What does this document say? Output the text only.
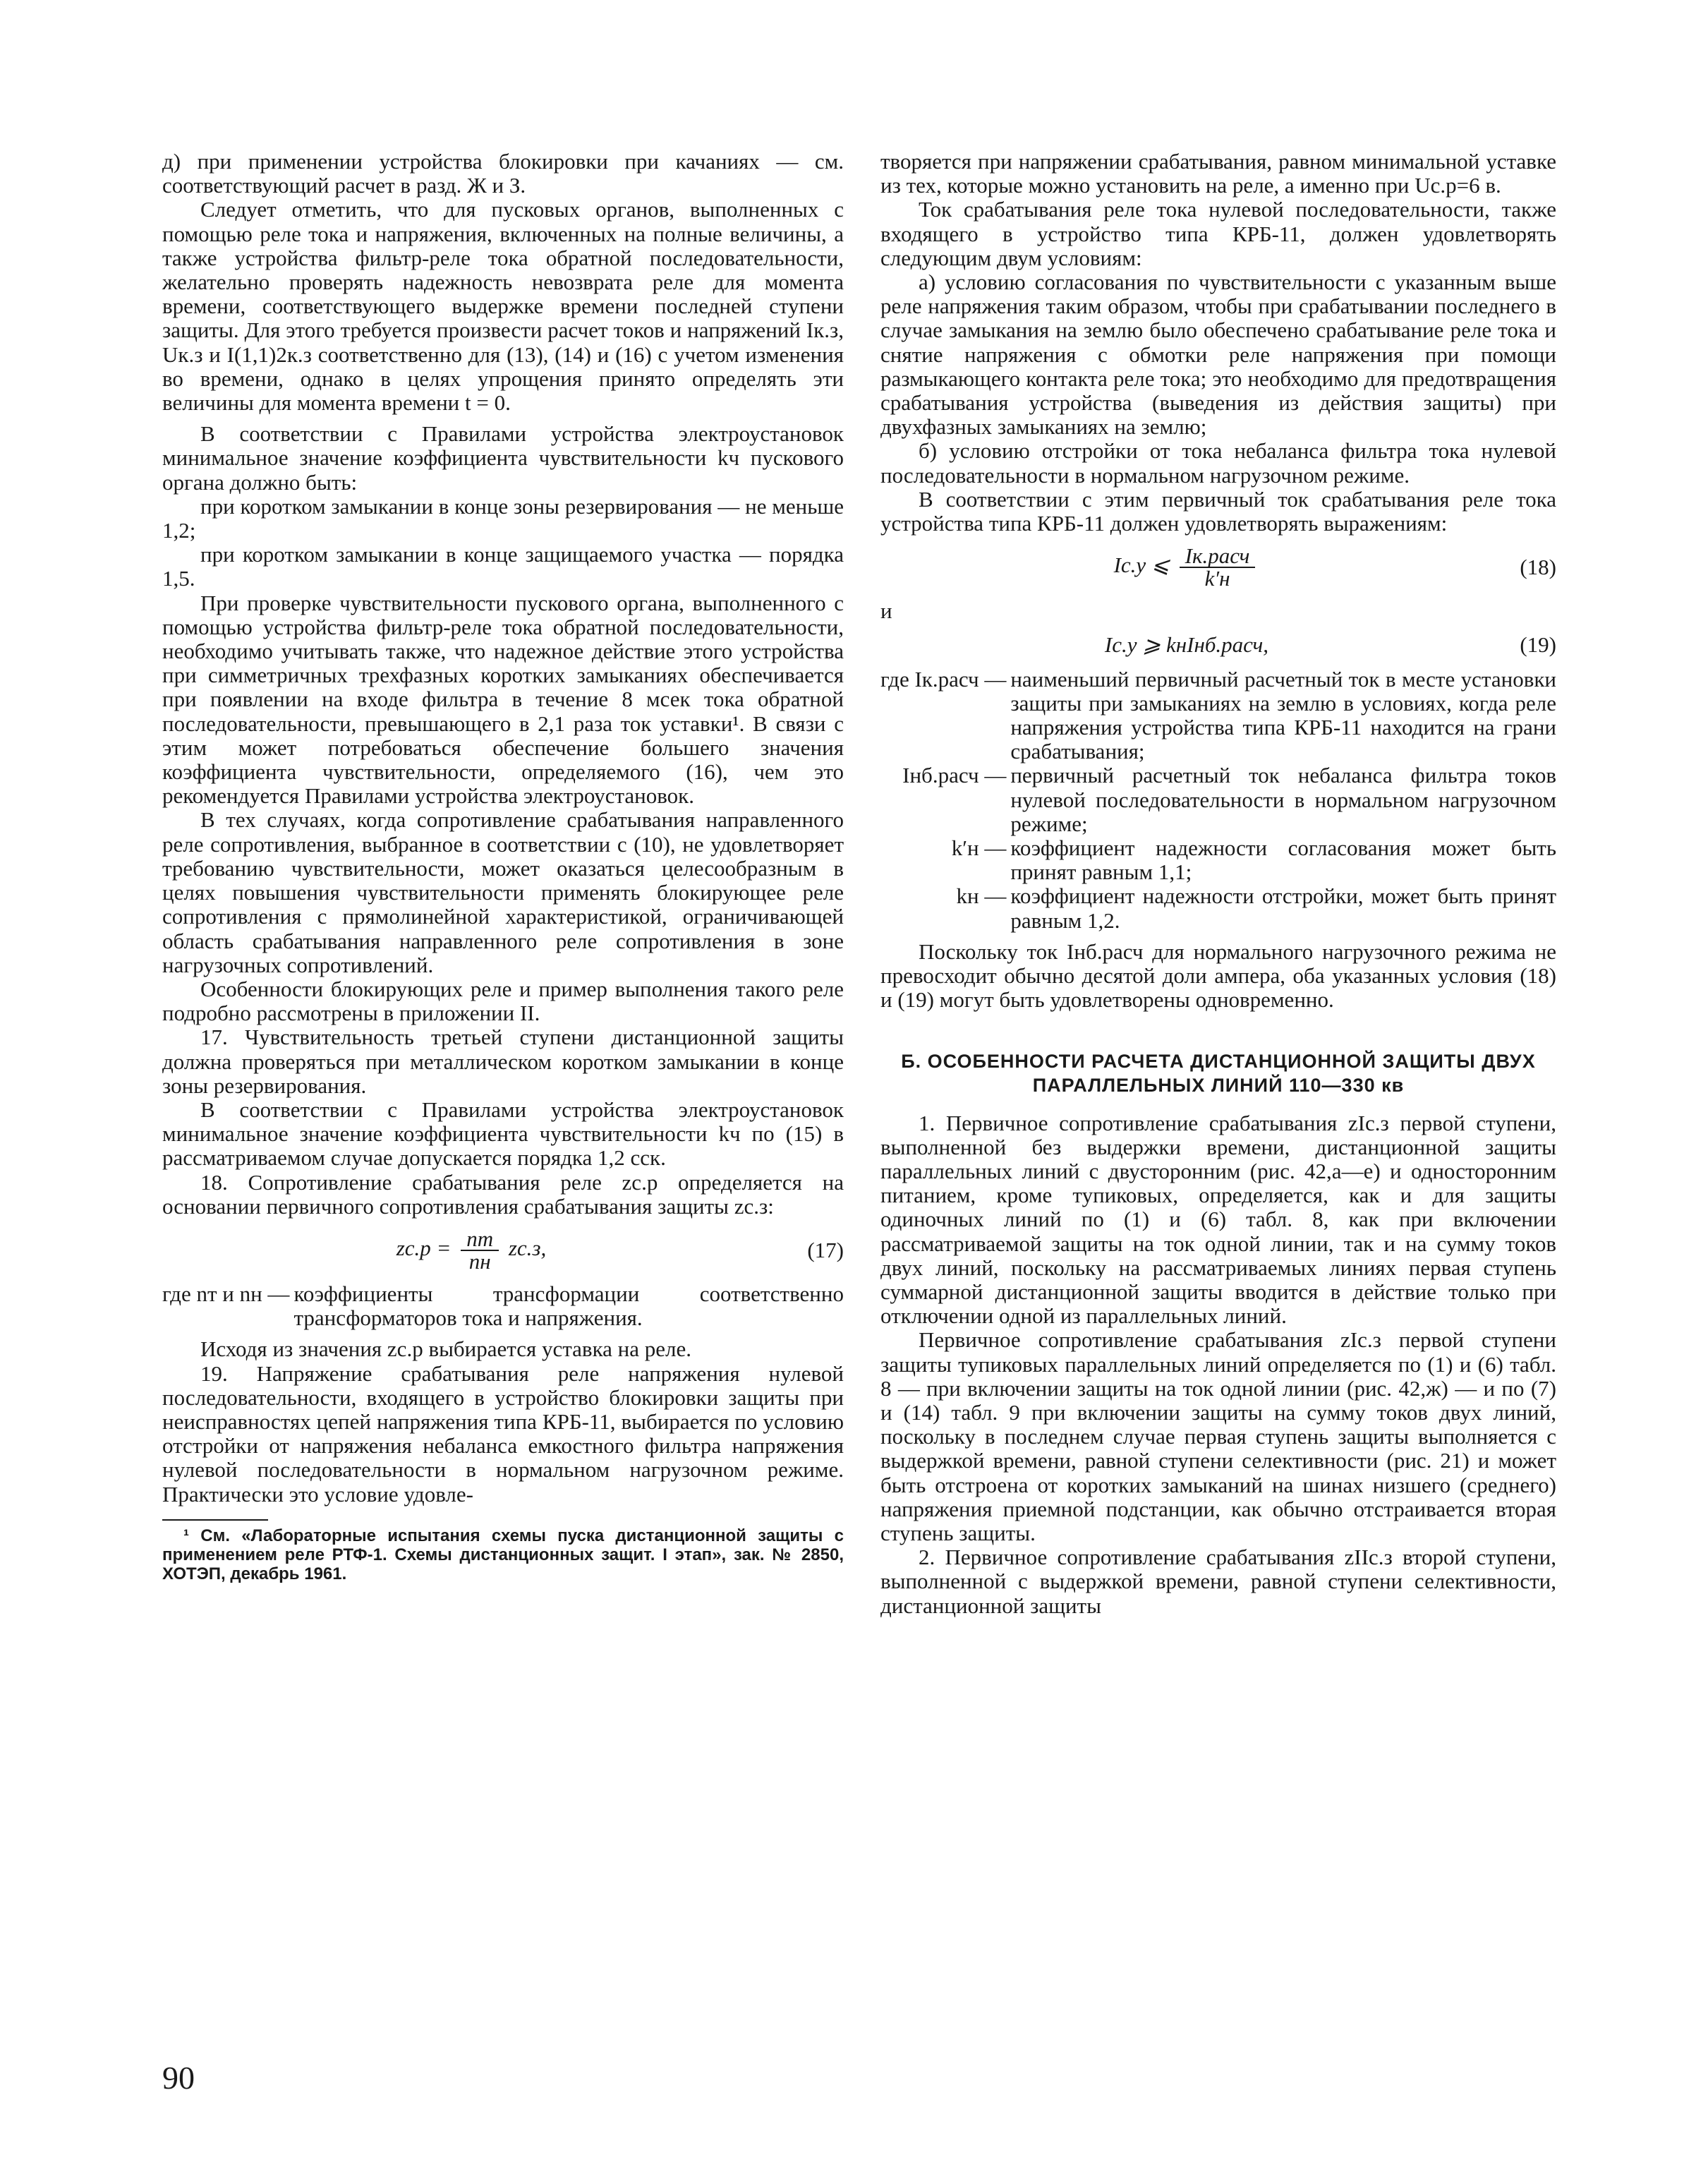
д) при применении устройства блокировки при качаниях — см. соответствующий расчет в разд. Ж и З.

Следует отметить, что для пусковых органов, выполненных с помощью реле тока и напряжения, включенных на полные величины, а также устройства фильтр-реле тока обратной последовательности, желательно проверять надежность невозврата реле для момента времени, соответствующего выдержке времени последней ступени защиты. Для этого требуется произвести расчет токов и напряжений Iк.з, Uк.з и I(1,1)2к.з соответственно для (13), (14) и (16) с учетом изменения во времени, однако в целях упрощения принято определять эти величины для момента времени t = 0.

В соответствии с Правилами устройства электроустановок минимальное значение коэффициента чувствительности kч пускового органа должно быть:

при коротком замыкании в конце зоны резервирования — не меньше 1,2;

при коротком замыкании в конце защищаемого участка — порядка 1,5.

При проверке чувствительности пускового органа, выполненного с помощью устройства фильтр-реле тока обратной последовательности, необходимо учитывать также, что надежное действие этого устройства при симметричных трехфазных коротких замыканиях обеспечивается при появлении на входе фильтра в течение 8 мсек тока обратной последовательности, превышающего в 2,1 раза ток уставки¹. В связи с этим может потребоваться обеспечение большего значения коэффициента чувствительности, определяемого (16), чем это рекомендуется Правилами устройства электроустановок.

В тех случаях, когда сопротивление срабатывания направленного реле сопротивления, выбранное в соответствии с (10), не удовлетворяет требованию чувствительности, может оказаться целесообразным в целях повышения чувствительности применять блокирующее реле сопротивления с прямолинейной характеристикой, ограничивающей область срабатывания направленного реле сопротивления в зоне нагрузочных сопротивлений.

Особенности блокирующих реле и пример выполнения такого реле подробно рассмотрены в приложении II.

17. Чувствительность третьей ступени дистанционной защиты должна проверяться при металлическом коротком замыкании в конце зоны резервирования.

В соответствии с Правилами устройства электроустановок минимальное значение коэффициента чувствительности kч по (15) в рассматриваемом случае допускается порядка 1,2 сск.

18. Сопротивление срабатывания реле zс.р определяется на основании первичного сопротивления срабатывания защиты zс.з:

$zс.р = \frac{nт}{nн} zс.з$,	(17)
где nт и nн — коэффициенты трансформации соответственно трансформаторов тока и напряжения.

Исходя из значения zс.р выбирается уставка на реле.

19. Напряжение срабатывания реле напряжения нулевой последовательности, входящего в устройство блокировки защиты при неисправностях цепей напряжения типа КРБ-11, выбирается по условию отстройки от напряжения небаланса емкостного фильтра напряжения нулевой последовательности в нормальном нагрузочном режиме. Практически это условие удовле-

¹ См. «Лабораторные испытания схемы пуска дистанционной защиты с применением реле РТФ-1. Схемы дистанционных защит. I этап», зак. № 2850, ХОТЭП, декабрь 1961.

творяется при напряжении срабатывания, равном минимальной уставке из тех, которые можно установить на реле, а именно при Uс.р=6 в.

Ток срабатывания реле тока нулевой последовательности, также входящего в устройство типа КРБ-11, должен удовлетворять следующим двум условиям:

а) условию согласования по чувствительности с указанным выше реле напряжения таким образом, чтобы при срабатывании последнего в случае замыкания на землю было обеспечено срабатывание реле тока и снятие напряжения с обмотки реле напряжения при помощи размыкающего контакта реле тока; это необходимо для предотвращения срабатывания устройства (выведения из действия защиты) при двухфазных замыканиях на землю;

б) условию отстройки от тока небаланса фильтра тока нулевой последовательности в нормальном нагрузочном режиме.

В соответствии с этим первичный ток срабатывания реле тока устройства типа КРБ-11 должен удовлетворять выражениям:

Iс.у ⩽ $\frac{\text{Iк.расч}}{k'н}$	(18)

и

Iс.у ⩾ kнIнб.расч,	(19)
где Iк.расч — наименьший первичный расчетный ток в месте установки защиты при замыканиях на землю в условиях, когда реле напряжения устройства типа КРБ-11 находится на грани срабатывания;
Iнб.расч — первичный расчетный ток небаланса фильтра токов нулевой последовательности в нормальном нагрузочном режиме;
k′н — коэффициент надежности согласования может быть принят равным 1,1;
kн — коэффициент надежности отстройки, может быть принят равным 1,2.

Поскольку ток Iнб.расч для нормального нагрузочного режима не превосходит обычно десятой доли ампера, оба указанных условия (18) и (19) могут быть удовлетворены одновременно.

Б. ОСОБЕННОСТИ РАСЧЕТА ДИСТАНЦИОННОЙ ЗАЩИТЫ ДВУХ ПАРАЛЛЕЛЬНЫХ ЛИНИЙ 110—330 кв

1. Первичное сопротивление срабатывания zIс.з первой ступени, выполненной без выдержки времени, дистанционной защиты параллельных линий с двусторонним (рис. 42,а—е) и односторонним питанием, кроме тупиковых, определяется, как и для защиты одиночных линий по (1) и (6) табл. 8, как при включении рассматриваемой защиты на ток одной линии, так и на сумму токов двух линий, поскольку на рассматриваемых линиях первая ступень суммарной дистанционной защиты вводится в действие только при отключении одной из параллельных линий.

Первичное сопротивление срабатывания zIс.з первой ступени защиты тупиковых параллельных линий определяется по (1) и (6) табл. 8 — при включении защиты на ток одной линии (рис. 42,ж) — и по (7) и (14) табл. 9 при включении защиты на сумму токов двух линий, поскольку в последнем случае первая ступень защиты выполняется с выдержкой времени, равной ступени селективности (рис. 21) и может быть отстроена от коротких замыканий на шинах низшего (среднего) напряжения приемной подстанции, как обычно отстраивается вторая ступень защиты.

2. Первичное сопротивление срабатывания zIIс.з второй ступени, выполненной с выдержкой времени, равной ступени селективности, дистанционной защиты

90
